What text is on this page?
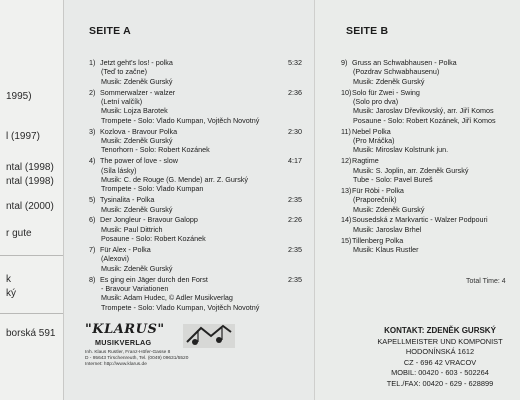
1995)
l (1997)
ntal (1998)
ntal (1998)
ntal (2000)
r gute
k
ký
borská 591
SEITE A	SEITE B
1) Jetzt geht's los! - polka
(Teď to začne)
Musik: Zdeněk Gurský
5:32
2) Sommerwalzer - walzer
(Letní valčík)
Musik: Lojza Barotek
Trompete - Solo: Vlado Kumpan, Vojtěch Novotný
2:36
3) Kozlova - Bravour Polka
Musik: Zdeněk Gurský
Tenorhorn - Solo: Robert Kozánek
2:30
4) The power of love - slow
(Síla lásky)
Musik: C. de Rouge (G. Mende) arr. Z. Gurský
Trompete - Solo: Vlado Kumpan
4:17
5) Tysinalita - Polka
Musik: Zdeněk Gurský
2:35
6) Der Jongleur - Bravour Galopp
Musik: Paul Dittrich
Posaune - Solo: Robert Kozánek
2:26
7) Für Alex - Polka
(Alexovi)
Musik: Zdeněk Gurský
2:35
8) Es ging ein Jäger durch den Forst
- Bravour Variationen
Musik: Adam Hudec, © Adler Musikverlag
Trompete - Solo: Vlado Kumpan, Vojtěch Novotný
2:35
9) Gruss an Schwabhausen - Polka
(Pozdrav Schwabhausenu)
Musik: Zdeněk Gurský
10)Solo für Zwei - Swing
(Solo pro dva)
Musik: Jaroslav Dřevikovský, arr. Jiří Komos
Posaune - Solo: Robert Kozánek, Jiří Komos
11)Nebel Polka
(Pro Mráčka)
Musik: Miroslav Kolstrunk jun.
12)Ragtime
Musik: S. Joplin, arr. Zdeněk Gurský
Tube - Solo: Pavel Bureš
13)Für Röbi - Polka
(Praporečník)
Musik: Zdeněk Gurský
14)Sousedská z Markvartic - Walzer Podpouri
Musik: Jaroslav Brhel
15)Tillenberg Polka
Musik: Klaus Rustler
Total Time: 4
"KLARUS"
MUSIKVERLAG
Inh. Klaus Rustler, Franz-Höfer-Gasse 8
D - 95643 Tirschenreuth, Tel. (0049) 09631/5520
Internet: http://www.klarus.de
KONTAKT: ZDENĚK GURSKÝ
KAPELLMEISTER UND KOMPONIST
HODONÍNSKÁ 1612
CZ - 696 42 VRACOV
MOBIL: 00420 - 603 - 502264
TEL./FAX: 00420 - 629 - 628899
